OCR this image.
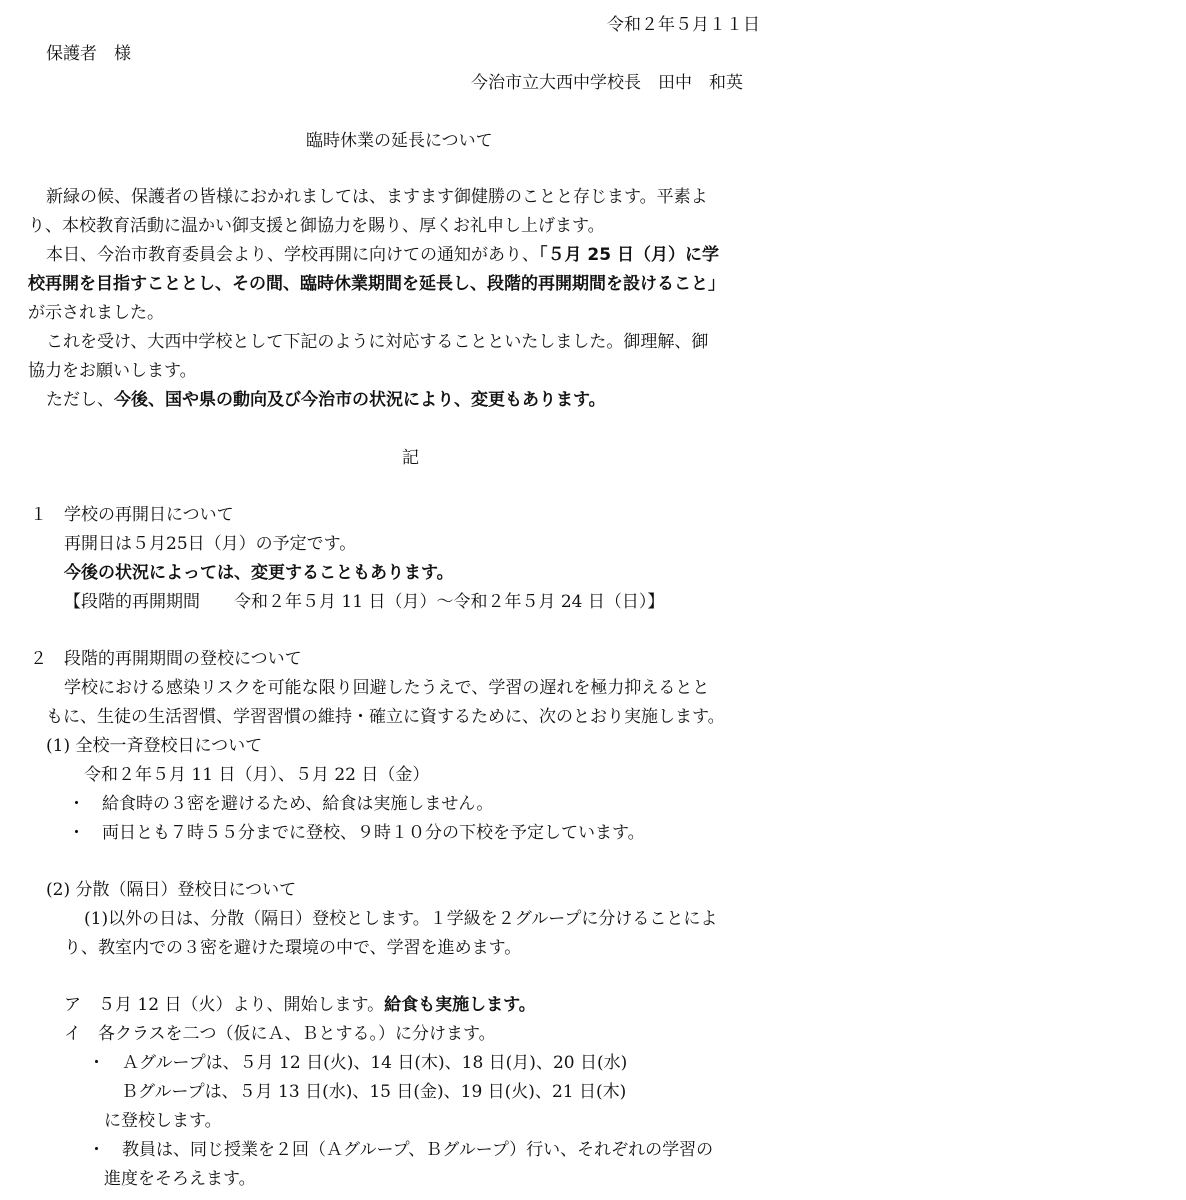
令和２年５月１１日
保護者　様
今治市立大西中学校長　田中　和英
臨時休業の延長について
新緑の候、保護者の皆様におかれましては、ますます御健勝のことと存じます。平素よ
り、本校教育活動に温かい御支援と御協力を賜り、厚くお礼申し上げます。
本日、今治市教育委員会より、学校再開に向けての通知があり、「５月 25 日（月）に学
校再開を目指すこととし、その間、臨時休業期間を延長し、段階的再開期間を設けること」
が示されました。
これを受け、大西中学校として下記のように対応することといたしました。御理解、御
協力をお願いします。
ただし、今後、国や県の動向及び今治市の状況により、変更もあります。
記
１　学校の再開日について
再開日は５月25日（月）の予定です。
今後の状況によっては、変更することもあります。
【段階的再開期間　　令和２年５月 11 日（月）～令和２年５月 24 日（日）】
２　段階的再開期間の登校について
学校における感染リスクを可能な限り回避したうえで、学習の遅れを極力抑えるとと
もに、生徒の生活習慣、学習習慣の維持・確立に資するために、次のとおり実施します。
(1) 全校一斉登校日について
令和２年５月 11 日（月）、５月 22 日（金）
・　給食時の３密を避けるため、給食は実施しません。
・　両日とも７時５５分までに登校、９時１０分の下校を予定しています。
(2) 分散（隔日）登校日について
(1)以外の日は、分散（隔日）登校とします。１学級を２グループに分けることによ
り、教室内での３密を避けた環境の中で、学習を進めます。
ア　５月 12 日（火）より、開始します。給食も実施します。
イ　各クラスを二つ（仮にＡ、Ｂとする。）に分けます。
・　Ａグループは、５月 12 日(火)、14 日(木)、18 日(月)、20 日(水)
Ｂグループは、５月 13 日(水)、15 日(金)、19 日(火)、21 日(木)
に登校します。
・　教員は、同じ授業を２回（Ａグループ、Ｂグループ）行い、それぞれの学習の
進度をそろえます。
